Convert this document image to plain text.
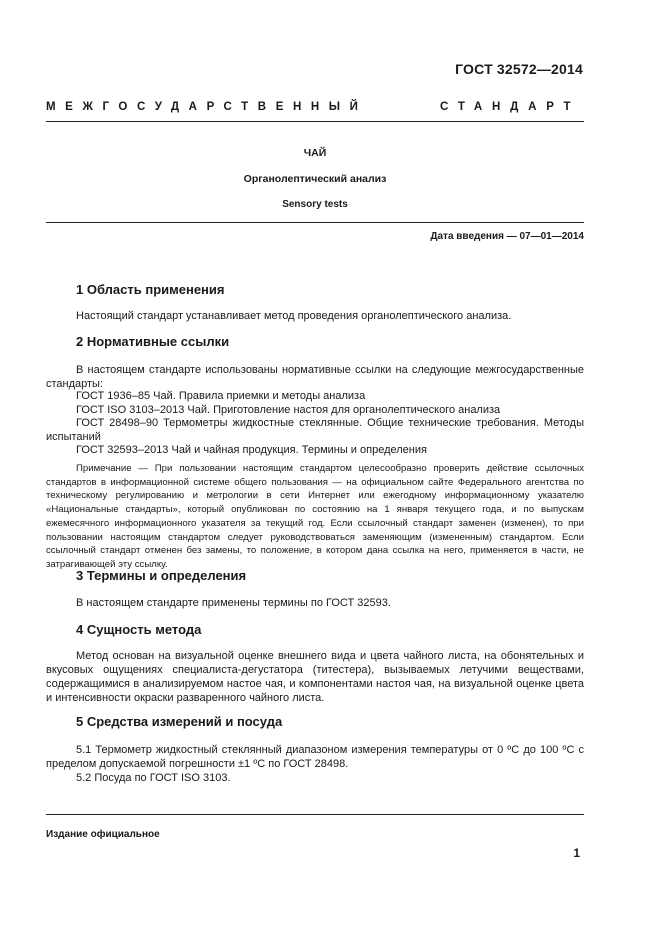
ГОСТ 32572—2014
МЕЖГОСУДАРСТВЕННЫЙ	СТАНДАРТ
ЧАЙ
Органолептический анализ
Sensory tests
Дата введения — 07—01—2014
1 Область применения
Настоящий стандарт устанавливает метод проведения органолептического анализа.
2 Нормативные ссылки
В настоящем стандарте использованы нормативные ссылки на следующие межгосударственные стандарты:
ГОСТ 1936–85 Чай. Правила приемки и методы анализа
ГОСТ ISO 3103–2013 Чай. Приготовление настоя для органолептического анализа
ГОСТ 28498–90 Термометры жидкостные стеклянные. Общие технические требования. Методы испытаний
ГОСТ 32593–2013 Чай и чайная продукция. Термины и определения
Примечание — При пользовании настоящим стандартом целесообразно проверить действие ссылочных стандартов в информационной системе общего пользования — на официальном сайте Федерального агентства по техническому регулированию и метрологии в сети Интернет или ежегодному информационному указателю «Национальные стандарты», который опубликован по состоянию на 1 января текущего года, и по выпускам ежемесячного информационного указателя за текущий год. Если ссылочный стандарт заменен (изменен), то при пользовании настоящим стандартом следует руководствоваться заменяющим (измененным) стандартом. Если ссылочный стандарт отменен без замены, то положение, в котором дана ссылка на него, применяется в части, не затрагивающей эту ссылку.
3 Термины и определения
В настоящем стандарте применены термины по ГОСТ 32593.
4 Сущность метода
Метод основан на визуальной оценке внешнего вида и цвета чайного листа, на обонятельных и вкусовых ощущениях специалиста-дегустатора (титестера), вызываемых летучими веществами, содержащимися в анализируемом настое чая, и компонентами настоя чая, на визуальной оценке цвета и интенсивности окраски разваренного чайного листа.
5 Средства измерений и посуда
5.1 Термометр жидкостный стеклянный диапазоном измерения температуры от 0 ºC до 100 ºC с пределом допускаемой погрешности ±1 ºC по ГОСТ 28498.
5.2 Посуда по ГОСТ ISO 3103.
Издание официальное
1
